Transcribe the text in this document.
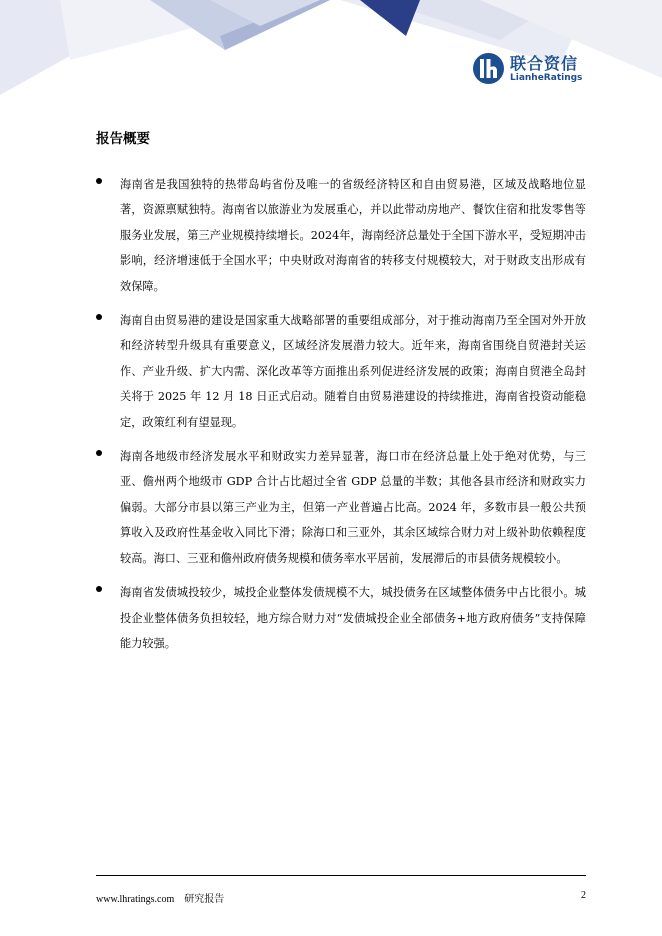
联合资信
LianheRatings
报告概要
海南省是我国独特的热带岛屿省份及唯一的省级经济特区和自由贸易港，区域及战略地位显著，资源禀赋独特。海南省以旅游业为发展重心，并以此带动房地产、餐饮住宿和批发零售等服务业发展，第三产业规模持续增长。2024年，海南经济总量处于全国下游水平，受短期冲击影响，经济增速低于全国水平；中央财政对海南省的转移支付规模较大，对于财政支出形成有效保障。
海南自由贸易港的建设是国家重大战略部署的重要组成部分，对于推动海南乃至全国对外开放和经济转型升级具有重要意义，区域经济发展潜力较大。近年来，海南省围绕自贸港封关运作、产业升级、扩大内需、深化改革等方面推出系列促进经济发展的政策；海南自贸港全岛封关将于 2025 年 12 月 18 日正式启动。随着自由贸易港建设的持续推进，海南省投资动能稳定，政策红利有望显现。
海南各地级市经济发展水平和财政实力差异显著，海口市在经济总量上处于绝对优势，与三亚、儋州两个地级市 GDP 合计占比超过全省 GDP 总量的半数；其他各县市经济和财政实力偏弱。大部分市县以第三产业为主，但第一产业普遍占比高。2024 年，多数市县一般公共预算收入及政府性基金收入同比下滑；除海口和三亚外，其余区域综合财力对上级补助依赖程度较高。海口、三亚和儋州政府债务规模和债务率水平居前，发展滞后的市县债务规模较小。
海南省发债城投较少，城投企业整体发债规模不大，城投债务在区域整体债务中占比很小。城投企业整体债务负担较轻，地方综合财力对“发债城投企业全部债务+地方政府债务”支持保障能力较强。
www.lhratings.com 研究报告	2
